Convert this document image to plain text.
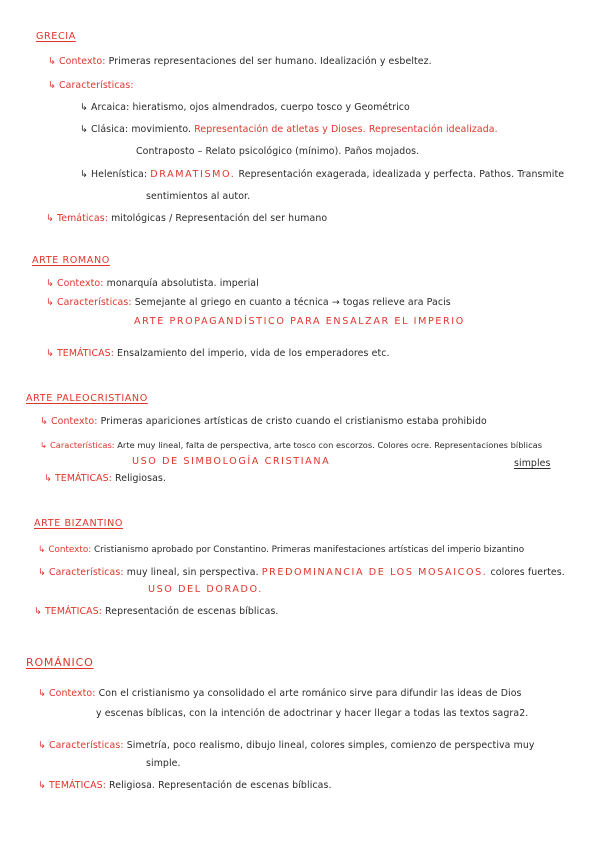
GRECIA
↳ Contexto: Primeras representaciones del ser humano. Idealización y esbeltez.
↳ Características:
↳ Arcaica: hieratismo, ojos almendrados, cuerpo tosco y Geométrico
↳ Clásica: movimiento. Representación de atletas y Dioses. Representación idealizada.
Contraposto – Relato psicológico (mínimo). Paños mojados.
↳ Helenística: DRAMATISMO. Representación exagerada, idealizada y perfecta. Pathos. Transmite
sentimientos al autor.
↳ Temáticas: mitológicas / Representación del ser humano
ARTE ROMANO
↳ Contexto: monarquía absolutista. imperial
↳ Características: Semejante al griego en cuanto a técnica → togas relieve ara Pacis
ARTE PROPAGANDÍSTICO PARA ENSALZAR EL IMPERIO
↳ TEMÁTICAS: Ensalzamiento del imperio, vida de los emperadores etc.
ARTE PALEOCRISTIANO
↳ Contexto: Primeras apariciones artísticas de cristo cuando el cristianismo estaba prohibido
↳ Características: Arte muy lineal, falta de perspectiva, arte tosco con escorzos. Colores ocre. Representaciones bíblicas
USO DE SIMBOLOGÍA CRISTIANA	simples
↳ TEMÁTICAS: Religiosas.
ARTE BIZANTINO
↳ Contexto: Cristianismo aprobado por Constantino. Primeras manifestaciones artísticas del imperio bizantino
↳ Características: muy lineal, sin perspectiva. PREDOMINANCIA DE LOS MOSAICOS. colores fuertes.
USO DEL DORADO.
↳ TEMÁTICAS: Representación de escenas bíblicas.
ROMÁNICO
↳ Contexto: Con el cristianismo ya consolidado el arte románico sirve para difundir las ideas de Dios
y escenas bíblicas, con la intención de adoctrinar y hacer llegar a todas las textos sagra2.
↳ Características: Simetría, poco realismo, dibujo lineal, colores simples, comienzo de perspectiva muy
simple.
↳ TEMÁTICAS: Religiosa. Representación de escenas bíblicas.
